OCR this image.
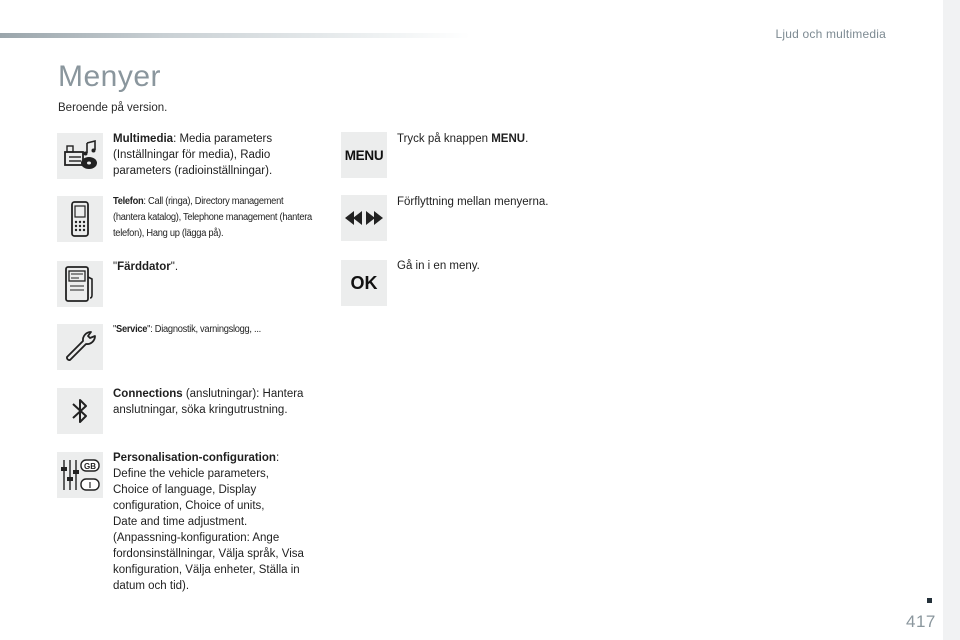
Ljud och multimedia
Menyer

Beroende på version.

Multimedia: Media parameters (Inställningar för media), Radio parameters (radioinställningar).

Telefon: Call (ringa), Directory management (hantera katalog), Telephone management (hantera telefon), Hang up (lägga på).

"Färddator".

"Service": Diagnostik, varningslogg, ...

Connections (anslutningar): Hantera anslutningar, söka kringutrustning.

GB
I
Personalisation-configuration:
Define the vehicle parameters,
Choice of language, Display
configuration, Choice of units,
Date and time adjustment.
(Anpassning-konfiguration: Ange
fordonsinställningar, Välja språk, Visa
konfiguration, Välja enheter, Ställa in
datum och tid).
MENU

Tryck på knappen MENU.

Förflyttning mellan menyerna.

OK

Gå in i en meny.

417
